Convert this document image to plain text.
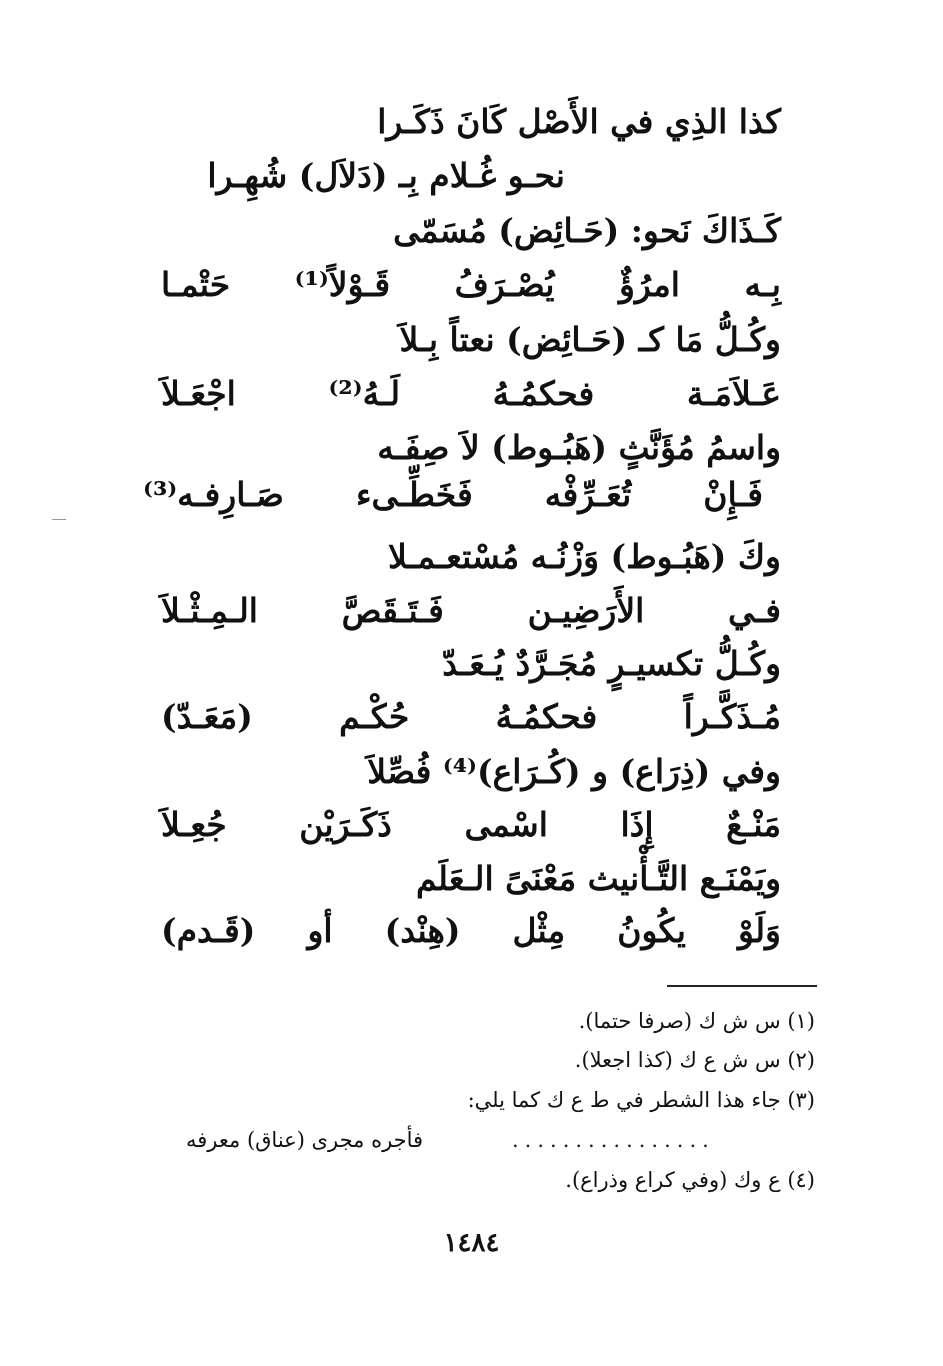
كذا الذِي في الأَصْل كَانَ ذَكَـرا
نحـو غُـلام بِـ (دَلاَل) شُهِـرا
كَـذَاكَ نَحو: (حَـائِض) مُسَمّى
بِـه امرُؤٌ يُصْـرَفُ قَـوْلاً⁽¹⁾ حَتْمـا
وكُـلُّ مَا كـ (حَـائِض) نعتاً بِـلاَ
عَـلاَمَـة فحكمُـهُ لَـهُ⁽²⁾ اجْعَـلاَ
واسمُ مُؤَنَّثٍ (هَبُـوط) لاَ صِفَـه
فَـإِنْ تُعَـرِّفْه فَخَطِّـىء صَـارِفـه⁽³⁾
وكَ (هَبُـوط) وَزْنُـه مُسْتعـمـلا
فـي الأَرَضِيـن فَـتَـقَصَّ الـمِـثْـلاَ
وكُـلُّ تكسيـرٍ مُجَـرَّدٌ يُـعَـدّ
مُـذَكَّـراً فحكمُـهُ حُكْـم (مَعَـدّ)
وفي (ذِرَاع) و (كُـرَاع)⁽⁴⁾ فُصِّلاَ
مَنْـعٌ إِذَا اسْمى ذَكَـرَيْن جُعِـلاَ
ويَمْنَـع التَّـأْنيث مَعْنَىً الـعَلَم
وَلَوْ يكُونُ مِثْل (هِنْد) أو (قَـدم)
(١) س ش ك (صرفا حتما).
(٢) س ش ع ك (كذا اجعلا).
(٣) جاء هذا الشطر في ط ع ك كما يلي:
................
فأجره مجرى (عناق) معرفه
(٤) ع وك (وفي كراع وذراع).
١٤٨٤
